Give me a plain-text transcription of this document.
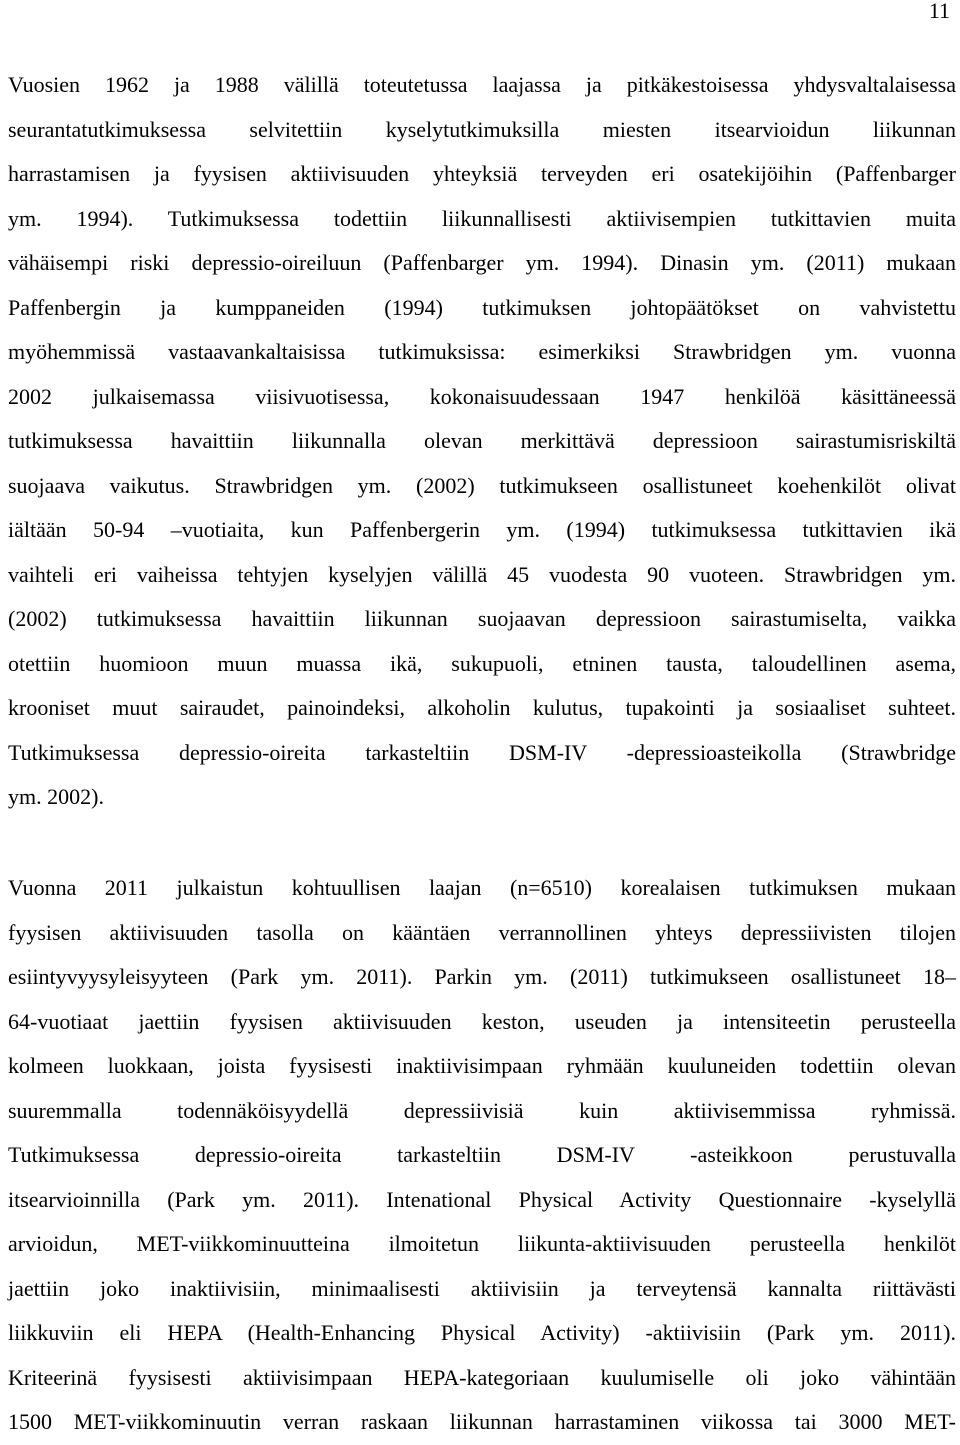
11
Vuosien 1962 ja 1988 välillä toteutetussa laajassa ja pitkäkestoisessa yhdysvaltalaisessa
seurantatutkimuksessa selvitettiin kyselytutkimuksilla miesten itsearvioidun liikunnan
harrastamisen ja fyysisen aktiivisuuden yhteyksiä terveyden eri osatekijöihin (Paffenbarger
ym. 1994). Tutkimuksessa todettiin liikunnallisesti aktiivisempien tutkittavien muita
vähäisempi riski depressio-oireiluun (Paffenbarger ym. 1994). Dinasin ym. (2011) mukaan
Paffenbergin ja kumppaneiden (1994) tutkimuksen johtopäätökset on vahvistettu
myöhemmissä vastaavankaltaisissa tutkimuksissa: esimerkiksi Strawbridgen ym. vuonna
2002 julkaisemassa viisivuotisessa, kokonaisuudessaan 1947 henkilöä käsittäneessä
tutkimuksessa havaittiin liikunnalla olevan merkittävä depressioon sairastumisriskiltä
suojaava vaikutus. Strawbridgen ym. (2002) tutkimukseen osallistuneet koehenkilöt olivat
iältään 50-94 –vuotiaita, kun Paffenbergerin ym. (1994) tutkimuksessa tutkittavien ikä
vaihteli eri vaiheissa tehtyjen kyselyjen välillä 45 vuodesta 90 vuoteen. Strawbridgen ym.
(2002) tutkimuksessa havaittiin liikunnan suojaavan depressioon sairastumiselta, vaikka
otettiin huomioon muun muassa ikä, sukupuoli, etninen tausta, taloudellinen asema,
krooniset muut sairaudet, painoindeksi, alkoholin kulutus, tupakointi ja sosiaaliset suhteet.
Tutkimuksessa depressio-oireita tarkasteltiin DSM-IV -depressioasteikolla (Strawbridge
ym. 2002).
Vuonna 2011 julkaistun kohtuullisen laajan (n=6510) korealaisen tutkimuksen mukaan
fyysisen aktiivisuuden tasolla on kääntäen verrannollinen yhteys depressiivisten tilojen
esiintyvyysyleisyyteen (Park ym. 2011). Parkin ym. (2011) tutkimukseen osallistuneet 18–
64-vuotiaat jaettiin fyysisen aktiivisuuden keston, useuden ja intensiteetin perusteella
kolmeen luokkaan, joista fyysisesti inaktiivisimpaan ryhmään kuuluneiden todettiin olevan
suuremmalla todennäköisyydellä depressiivisiä kuin aktiivisemmissa ryhmissä.
Tutkimuksessa depressio-oireita tarkasteltiin DSM-IV -asteikkoon perustuvalla
itsearvioinnilla (Park ym. 2011). Intenational Physical Activity Questionnaire -kyselyllä
arvioidun, MET-viikkominuutteina ilmoitetun liikunta-aktiivisuuden perusteella henkilöt
jaettiin joko inaktiivisiin, minimaalisesti aktiivisiin ja terveytensä kannalta riittävästi
liikkuviin eli HEPA (Health-Enhancing Physical Activity) -aktiivisiin (Park ym. 2011).
Kriteerinä fyysisesti aktiivisimpaan HEPA-kategoriaan kuulumiselle oli joko vähintään
1500 MET-viikkominuutin verran raskaan liikunnan harrastaminen viikossa tai 3000 MET-
